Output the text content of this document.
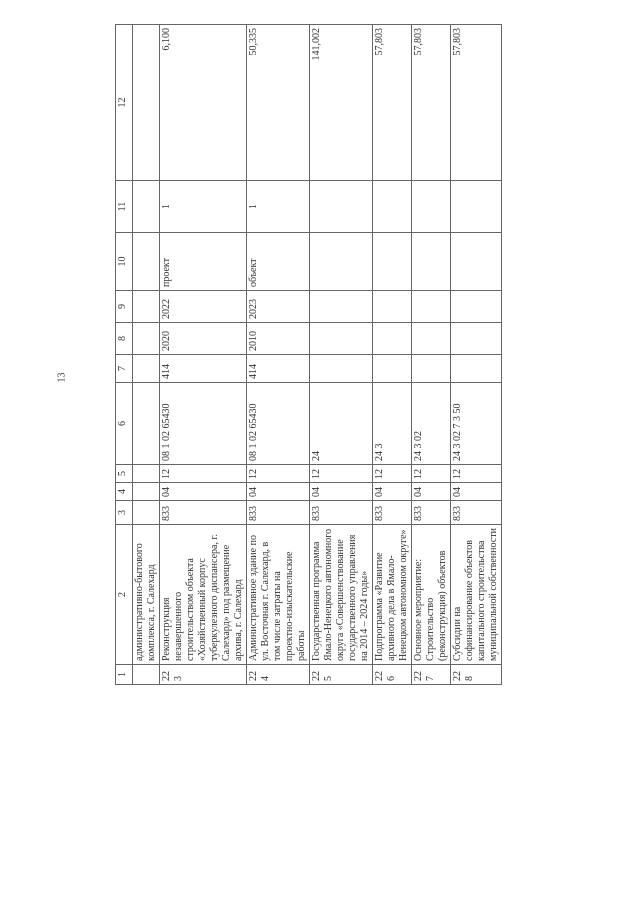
13
1	2	3	4	5	6	7	8	9	10	11	12
	административно-бытового комплекса, г. Салехард										
223	Реконструкция незавершенного строительством объекта «Хозяйственный корпус туберкулезного диспансера, г. Салехард» под размещение архива, г. Салехард	833	04	12	08 1 02 65430	414	2020	2022	проект	1	6,100
224	Административное здание по ул. Восточная г. Салехард, в том числе затраты на проектно-изыскательские работы	833	04	12	08 1 02 65430	414	2010	2023	объект	1	50,335
225	Государственная программа Ямало-Ненецкого автономного округа «Совершенствование государственного управления на 2014 – 2024 годы»	833	04	12	24						141,002
226	Подпрограмма «Развитие архивного дела в Ямало-Ненецком автономном округе»	833	04	12	24 3						57,803
227	Основное мероприятие: Строительство (реконструкция) объектов	833	04	12	24 3 02						57,803
228	Субсидии на софинансирование объектов капитального строительства муниципальной собственности	833	04	12	24 3 02 7 3 50						57,803
